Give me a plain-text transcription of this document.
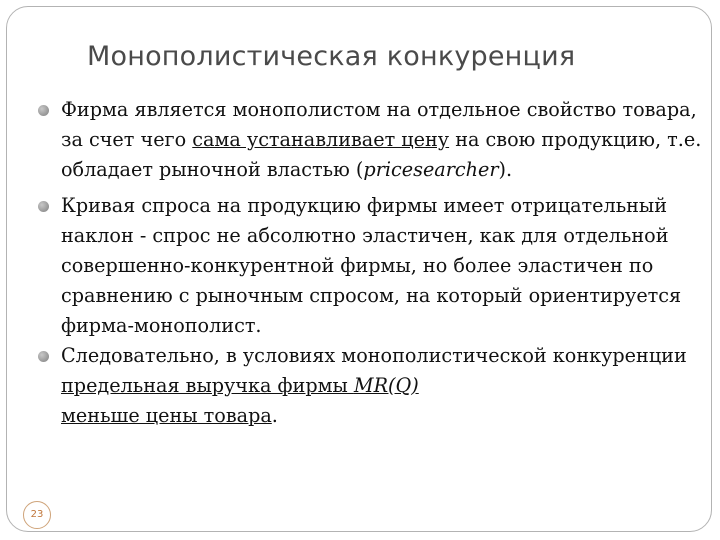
Монополистическая конкуренция
Фирма является монополистом на отдельное свойство товара, за счет чего сама устанавливает цену на свою продукцию, т.е. обладает рыночной властью (pricesearcher).
Кривая спроса на продукцию фирмы имеет отрицательный наклон - спрос не абсолютно эластичен, как для отдельной совершенно-конкурентной фирмы, но более эластичен по сравнению с рыночным спросом, на который ориентируется фирма-монополист.
Следовательно, в условиях монополистической конкуренции предельная выручка фирмы MR(Q)
меньше цены товара.
23
